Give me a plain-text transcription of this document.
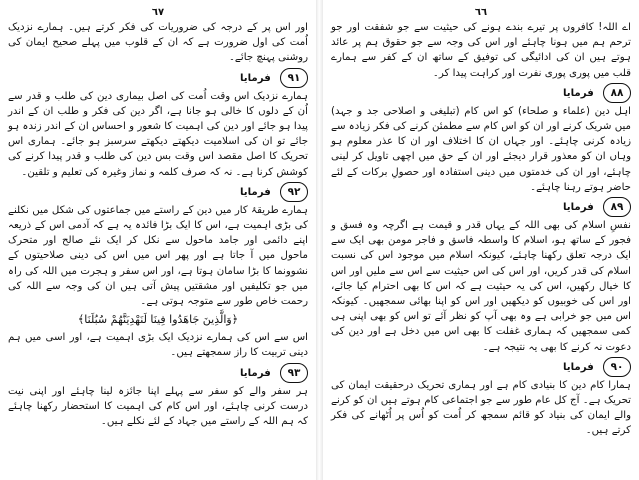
٦٦

اے اللہ! کافروں پر تیرے بندے ہونے کی حیثیت سے جو شفقت اور جو ترحم ہم میں ہونا چاہئے اور اس کی وجہ سے جو حقوق ہم پر عائد ہوتے ہیں ان کی ادائیگی کی توفیق کے ساتھ ان کے کفر سے ہمارے قلب میں پوری پوری نفرت اور کراہت پیدا کر۔

٨٨ فرمایا

اہل دین (علماء و صلحاء) کو اس کام (تبلیغی و اصلاحی جد و جہد) میں شریک کرنے اور ان کو اس کام سے مطمئن کرنے کی فکر زیادہ سے زیادہ کرنی چاہئے۔ اور جہاں ان کا اختلاف اور ان کا عذر معلوم ہو وہاں ان کو معذور قرار دیجئے اور ان کے حق میں اچھی تاویل کر لینی چاہئے، اور ان کی خدمتوں میں دینی استفادہ اور حصولِ برکات کے لئے حاضر ہوتے رہنا چاہئے۔

٨٩ فرمایا

نفسِ اسلام کی بھی اللہ کے یہاں قدر و قیمت ہے اگرچہ وہ فسق و فجور کے ساتھ ہو، اسلام کا واسطہ فاسق و فاجر مومن بھی ایک سے ایک درجہ تعلق رکھنا چاہئے، کیونکہ اسلام میں موجود اس کی نسبت اسلام کی قدر کریں، اور اس کی اس حیثیت سے اس سے ملیں اور اس کا خیال رکھیں، اس کی یہ حیثیت ہے کہ اس کا بھی احترام کیا جائے، اور اس کی خوبیوں کو دیکھیں اور اس کو اپنا بھائی سمجھیں۔ کیونکہ اس میں جو خرابی ہے وہ بھی آپ کو نظر آئے تو اس کو بھی اپنی ہی کمی سمجھیں کہ ہماری غفلت کا بھی اس میں دخل ہے اور دین کی دعوت نہ کرنے کا بھی یہ نتیجہ ہے۔

٩٠ فرمایا

ہمارا کام دین کا بنیادی کام ہے اور ہماری تحریک درحقیقت ایمان کی تحریک ہے۔ آج کل عام طور سے جو اجتماعی کام ہوتے ہیں ان کو کرنے والے ایمان کی بنیاد کو قائم سمجھ کر اُمت کو اُس پر اُٹھانے کی فکر کرتے ہیں۔

٦٧

اور اس پر کے درجہ کی ضروریات کی فکر کرتے ہیں۔ ہمارے نزدیک اُمت کی اول ضرورت ہے کہ ان کے قلوب میں پہلے صحیح ایمان کی روشنی پہنچ جائے۔

٩١ فرمایا

ہمارے نزدیک اس وقت اُمت کی اصل بیماری دین کی طلب و قدر سے اُن کے دلوں کا خالی ہو جانا ہے، اگر دین کی فکر و طلب ان کے اندر پیدا ہو جائے اور دین کی اہمیت کا شعور و احساس ان کے اندر زندہ ہو جائے تو ان کی اسلامیت دیکھتے دیکھتے سرسبز ہو جائے۔ ہماری اس تحریک کا اصل مقصد اس وقت بس دین کی طلب و قدر پیدا کرنے کی کوشش کرنا ہے۔ نہ کہ صرف کلمہ و نماز وغیرہ کی تعلیم و تلقین۔

٩٢ فرمایا

ہمارے طریقۂ کار میں دین کے راستے میں جماعتوں کی شکل میں نکلنے کی بڑی اہمیت ہے، اس کا ایک بڑا فائدہ یہ ہے کہ آدمی اس کے ذریعہ اپنے دائمی اور جامد ماحول سے نکل کر ایک نئے صالح اور متحرک ماحول میں آ جاتا ہے اور پھر اس میں اس کی دینی صلاحیتوں کے نشوونما کا بڑا سامان ہوتا ہے، اور اس سفر و ہجرت میں اللہ کی راہ میں جو تکلیفیں اور مشقتیں پیش آتی ہیں ان کی وجہ سے اللہ کی رحمت خاص طور سے متوجہ ہوتی ہے۔

﴿وَالَّذِينَ جَاهَدُوا فِينَا لَنَهْدِيَنَّهُمْ سُبُلَنَا﴾

اس سے اس کی ہمارے نزدیک ایک بڑی اہمیت ہے، اور اسی میں ہم دینی تربیت کا راز سمجھتے ہیں۔

٩٣ فرمایا

ہر سفر والے کو سفر سے پہلے اپنا جائزہ لینا چاہئے اور اپنی نیت درست کرنی چاہئے، اور اس کام کی اہمیت کا استحضار رکھنا چاہئے کہ ہم اللہ کے راستے میں جہاد کے لئے نکلے ہیں۔
